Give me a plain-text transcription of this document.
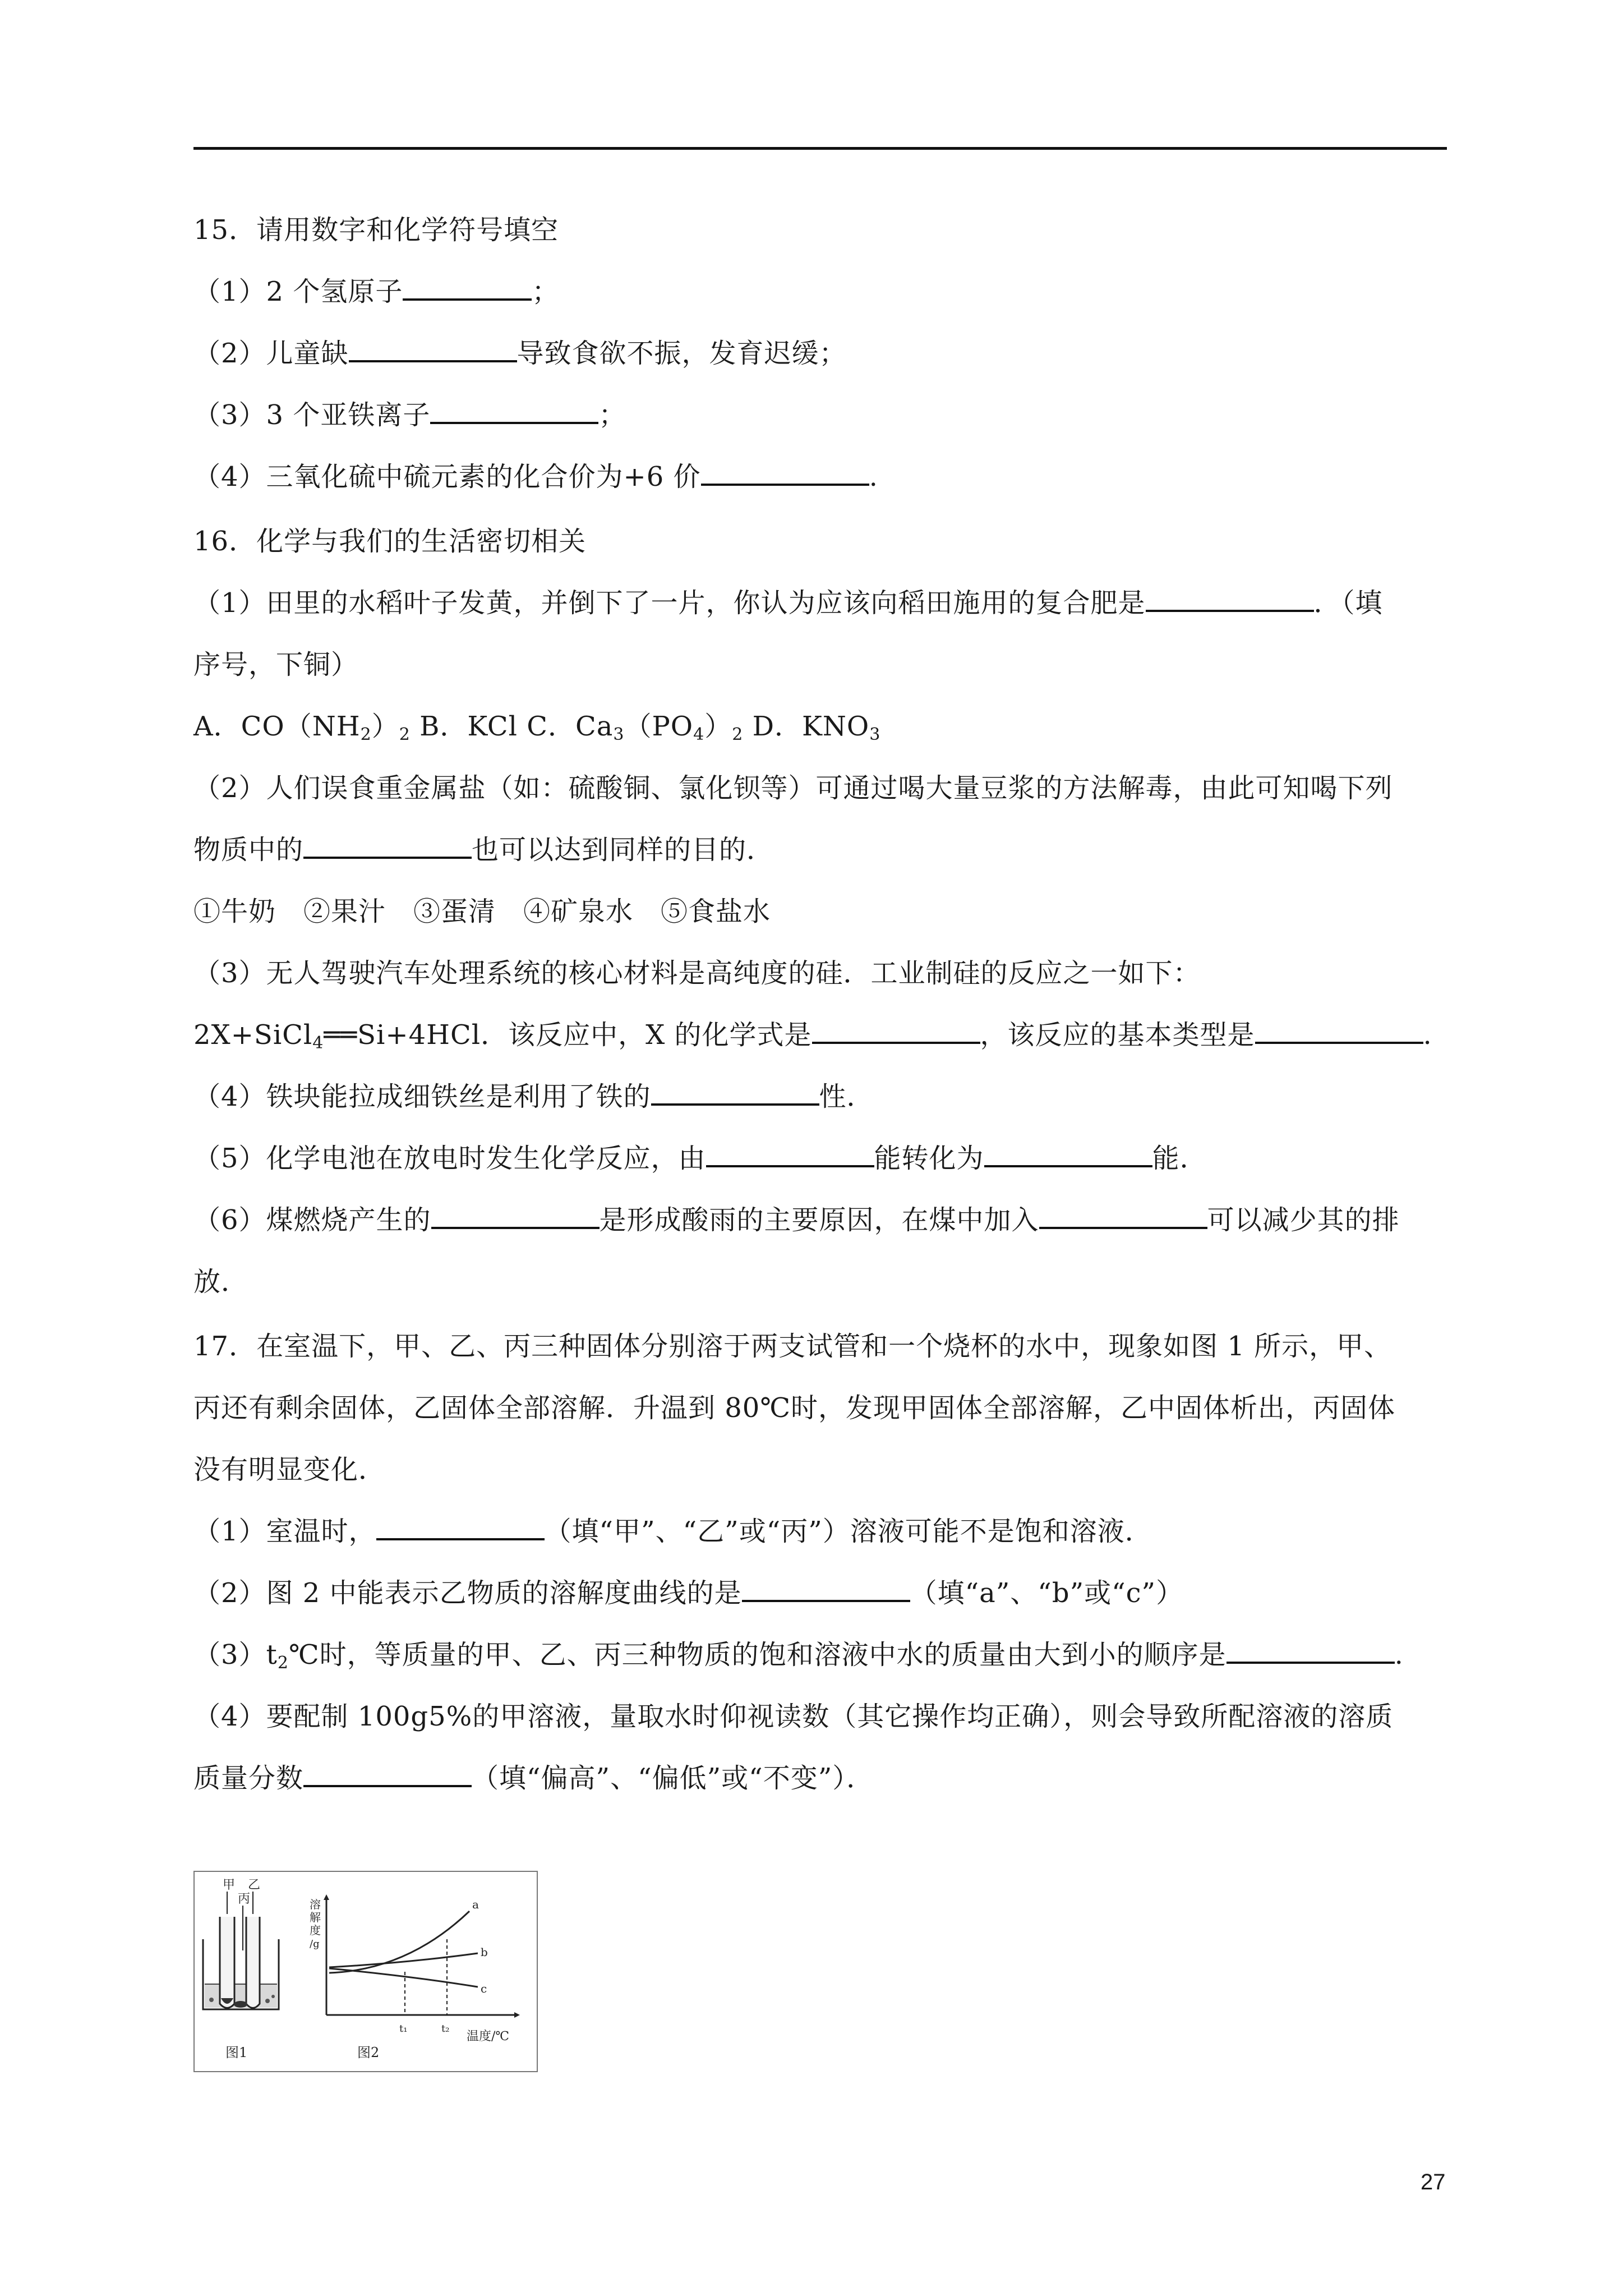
15．请用数字和化学符号填空
（1）2 个氢原子	；
（2）儿童缺	导致食欲不振，发育迟缓；
（3）3 个亚铁离子	；
（4）三氧化硫中硫元素的化合价为+6 价	.
16．化学与我们的生活密切相关
（1）田里的水稻叶子发黄，并倒下了一片，你认为应该向稻田施用的复合肥是	．（填
序号，下铜）
A．$CO(NH_2)_2$ B．KCl C．$Ca_3(PO_4)_2$ D．$KNO_3$
（2）人们误食重金属盐（如：硫酸铜、氯化钡等）可通过喝大量豆浆的方法解毒，由此可知喝下列
物质中的	也可以达到同样的目的．
①牛奶　②果汁　③蛋清　④矿泉水　⑤食盐水
（3）无人驾驶汽车处理系统的核心材料是高纯度的硅．工业制硅的反应之一如下：
2X+SiCl$_4$══Si+4HCl．该反应中，X 的化学式是	，该反应的基本类型是	.
（4）铁块能拉成细铁丝是利用了铁的	性．
（5）化学电池在放电时发生化学反应，由	能转化为	能．
（6）煤燃烧产生的	是形成酸雨的主要原因，在煤中加入	可以减少其的排
放．
17．在室温下，甲、乙、丙三种固体分别溶于两支试管和一个烧杯的水中，现象如图 1 所示，甲、
丙还有剩余固体，乙固体全部溶解．升温到 80℃时，发现甲固体全部溶解，乙中固体析出，丙固体
没有明显变化．
（1）室温时，	（填“甲”、“乙”或“丙”）溶液可能不是饱和溶液．
（2）图 2 中能表示乙物质的溶解度曲线的是	（填“a”、“b”或“c”）
$(3)t_2℃$时，等质量的甲、乙、丙三种物质的饱和溶液中水的质量由大到小的顺序是	.
（4）要配制 100g5%的甲溶液，量取水时仰视读数（其它操作均正确），则会导致所配溶液的溶质
质量分数	（填“偏高”、“偏低”或“不变”）．
甲 乙
丙
图1
溶
解
度
/g
a
b
c
t₁	t₂
温度/℃
图2
27
